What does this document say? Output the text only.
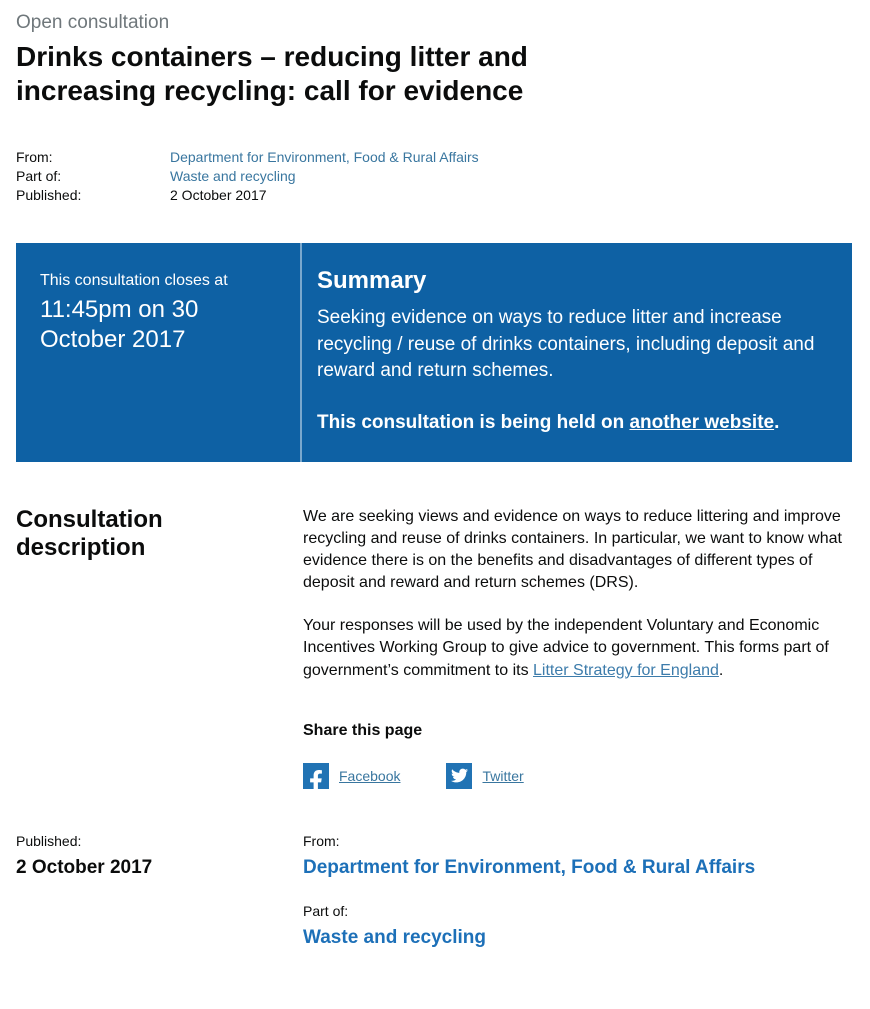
Open consultation

Drinks containers – reducing litter and increasing recycling: call for evidence
From:	Department for Environment, Food & Rural Affairs
Part of:	Waste and recycling
Published:	2 October 2017

This consultation closes at

11:45pm on 30 October 2017

Summary

Seeking evidence on ways to reduce litter and increase recycling / reuse of drinks containers, including deposit and reward and return schemes.

This consultation is being held on another website.

Consultation description

We are seeking views and evidence on ways to reduce littering and improve recycling and reuse of drinks containers. In particular, we want to know what evidence there is on the benefits and disadvantages of different types of deposit and reward and return schemes (DRS).

Your responses will be used by the independent Voluntary and Economic Incentives Working Group to give advice to government. This forms part of government’s commitment to its Litter Strategy for England.

Share this page

Facebook	Twitter

Published:

2 October 2017

From:

Department for Environment, Food & Rural Affairs

Part of:

Waste and recycling
